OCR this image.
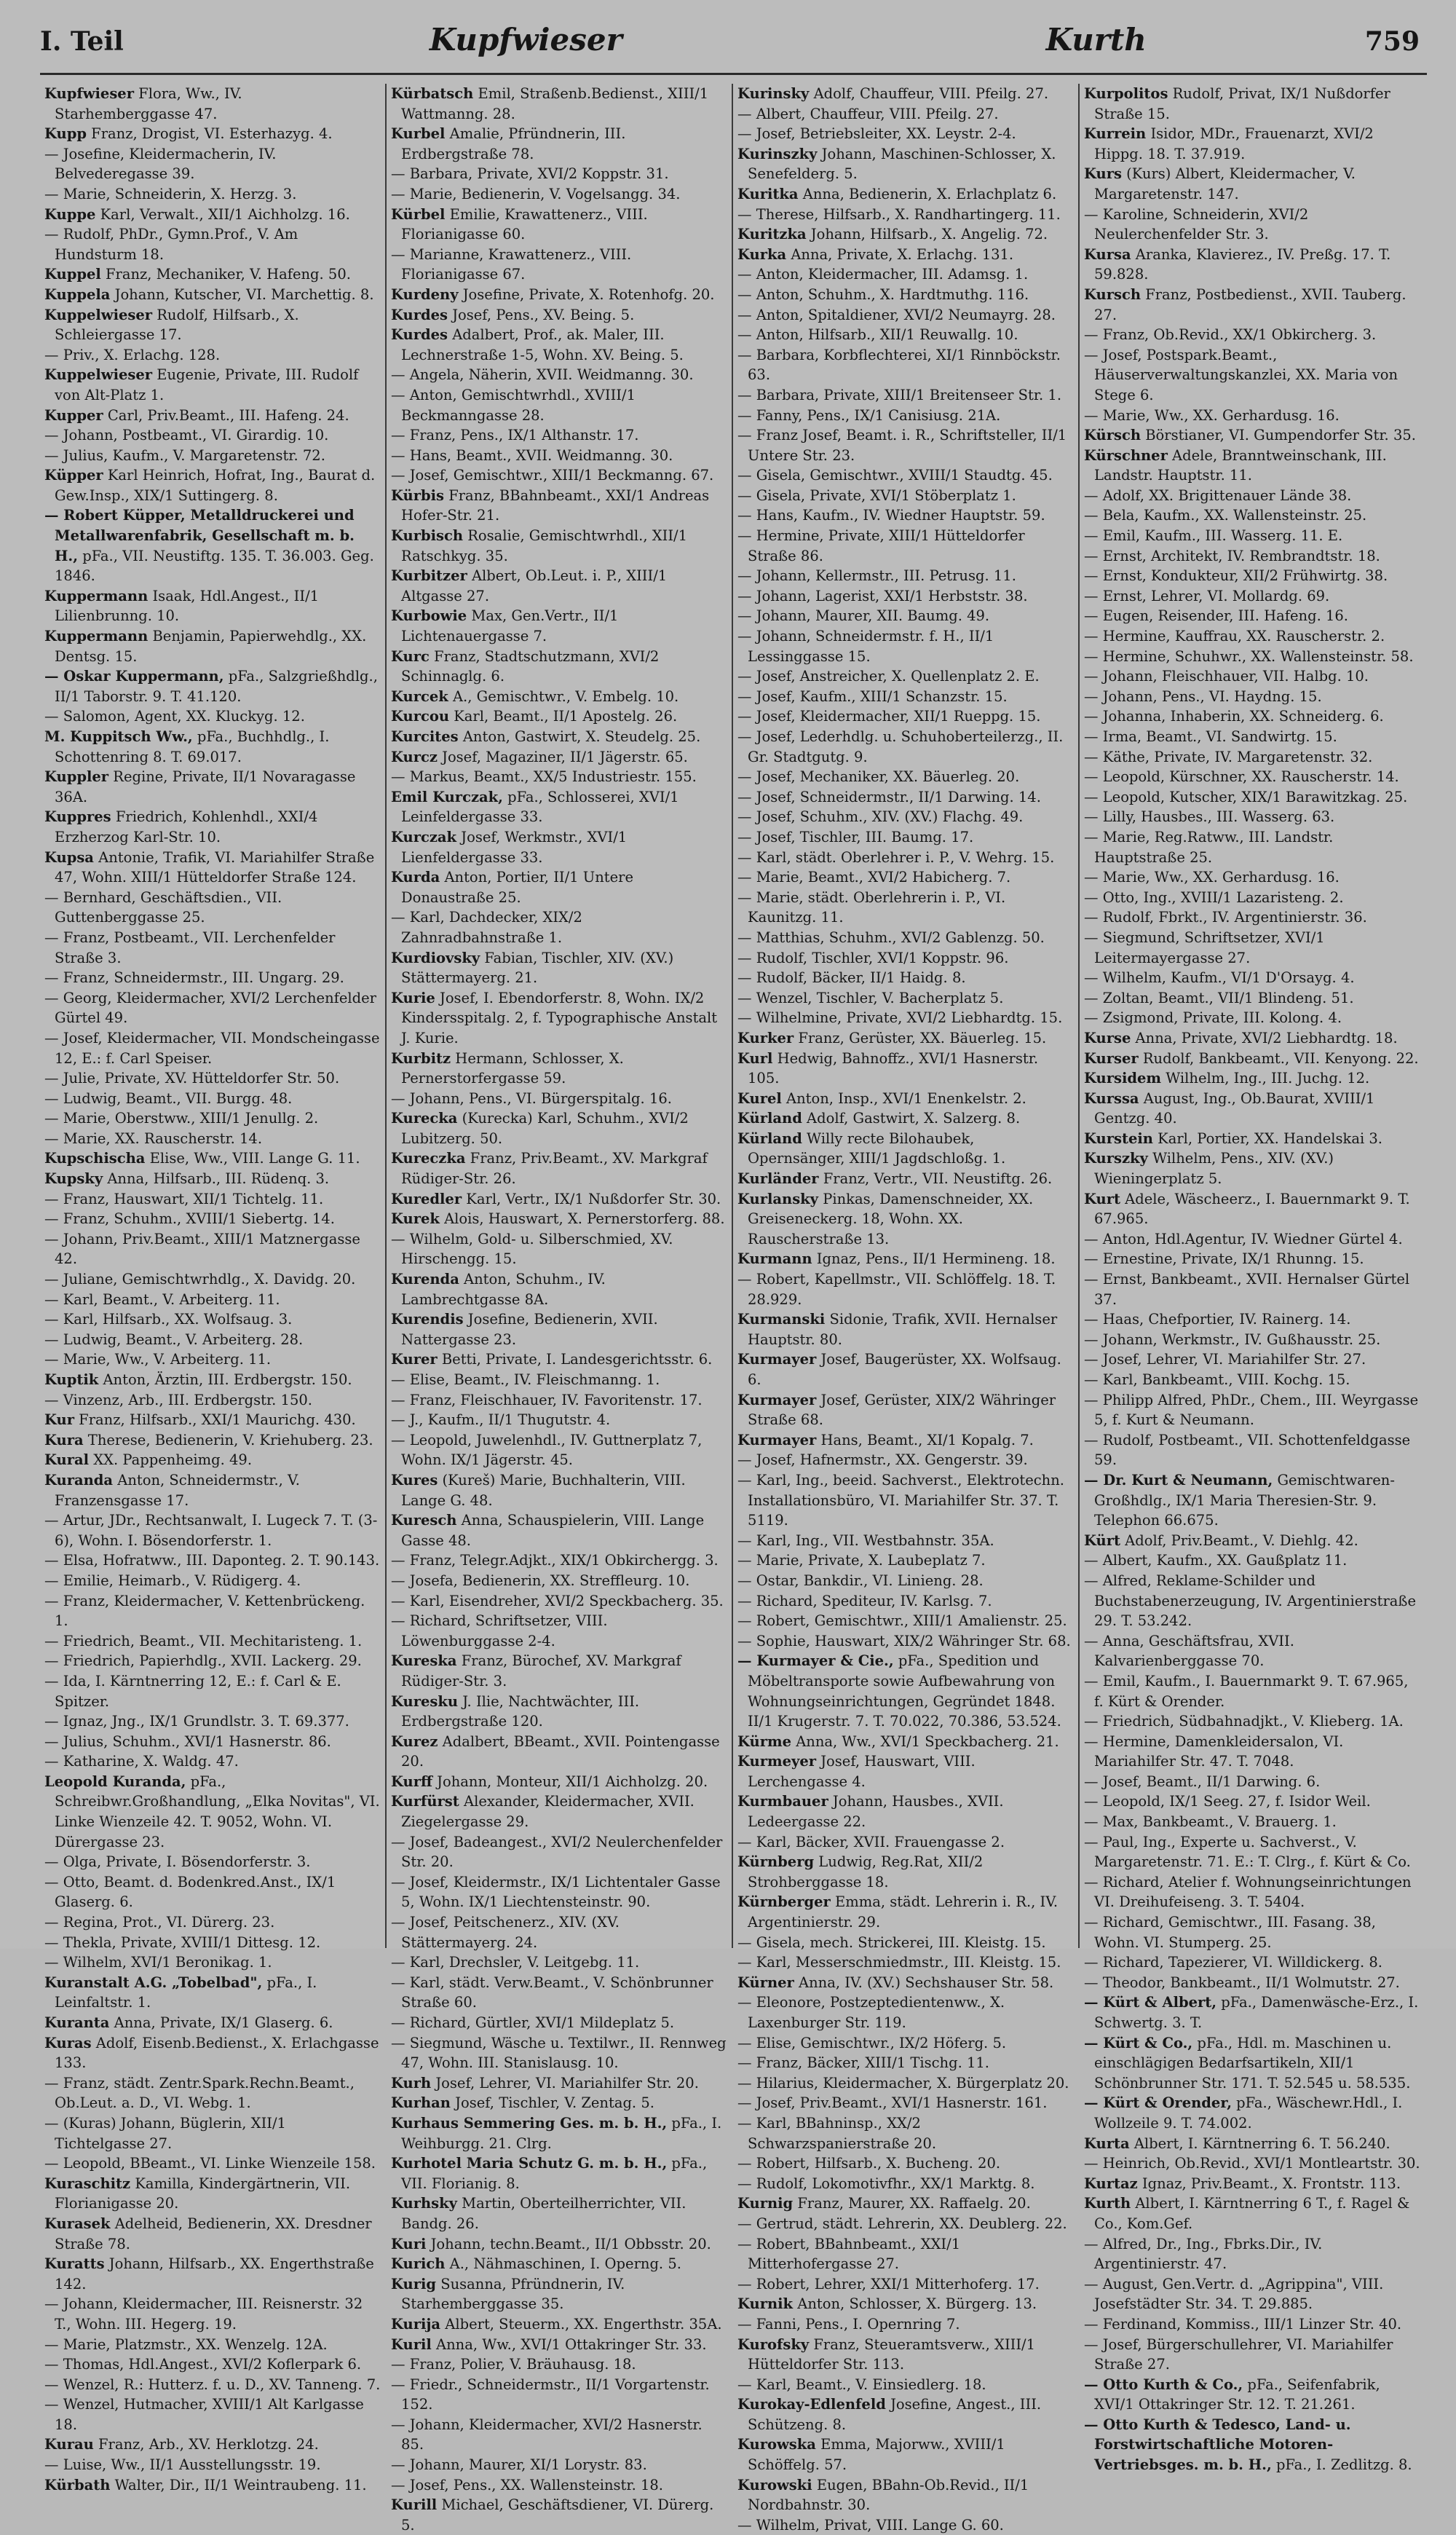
I. Teil	Kupfwieser	Kurth	759
Kupfwieser Flora, Ww., IV. Starhemberggasse 47.
Kupp Franz, Drogist, VI. Esterhazyg. 4.
— Josefine, Kleidermacherin, IV. Belvederegasse 39.
— Marie, Schneiderin, X. Herzg. 3.
Kuppe Karl, Verwalt., XII/1 Aichholzg. 16.
— Rudolf, PhDr., Gymn.Prof., V. Am Hundsturm 18.
Kuppel Franz, Mechaniker, V. Hafeng. 50.
Kuppela Johann, Kutscher, VI. Marchettig. 8.
Kuppelwieser Rudolf, Hilfsarb., X. Schleiergasse 17.
— Priv., X. Erlachg. 128.
Kuppelwieser Eugenie, Private, III. Rudolf von Alt-Platz 1.
Kupper Carl, Priv.Beamt., III. Hafeng. 24.
— Johann, Postbeamt., VI. Girardig. 10.
— Julius, Kaufm., V. Margaretenstr. 72.
Küpper Karl Heinrich, Hofrat, Ing., Baurat d. Gew.Insp., XIX/1 Suttingerg. 8.
— Robert Küpper, Metalldruckerei und Metallwarenfabrik, Gesellschaft m. b. H., pFa., VII. Neustiftg. 135. T. 36.003. Geg. 1846.
Kuppermann Isaak, Hdl.Angest., II/1 Lilienbrunng. 10.
Kuppermann Benjamin, Papierwehdlg., XX. Dentsg. 15.
— Oskar Kuppermann, pFa., Salzgrießhdlg., II/1 Taborstr. 9. T. 41.120.
— Salomon, Agent, XX. Kluckyg. 12.
M. Kuppitsch Ww., pFa., Buchhdlg., I. Schottenring 8. T. 69.017.
Kuppler Regine, Private, II/1 Novaragasse 36A.
Kuppres Friedrich, Kohlenhdl., XXI/4 Erzherzog Karl-Str. 10.
Kupsa Antonie, Trafik, VI. Mariahilfer Straße 47, Wohn. XIII/1 Hütteldorfer Straße 124.
— Bernhard, Geschäftsdien., VII. Guttenberggasse 25.
— Franz, Postbeamt., VII. Lerchenfelder Straße 3.
— Franz, Schneidermstr., III. Ungarg. 29.
— Georg, Kleidermacher, XVI/2 Lerchenfelder Gürtel 49.
— Josef, Kleidermacher, VII. Mondscheingasse 12, E.: f. Carl Speiser.
— Julie, Private, XV. Hütteldorfer Str. 50.
— Ludwig, Beamt., VII. Burgg. 48.
— Marie, Oberstww., XIII/1 Jenullg. 2.
— Marie, XX. Rauscherstr. 14.
Kupschischa Elise, Ww., VIII. Lange G. 11.
Kupsky Anna, Hilfsarb., III. Rüdenq. 3.
— Franz, Hauswart, XII/1 Tichtelg. 11.
— Franz, Schuhm., XVIII/1 Siebertg. 14.
— Johann, Priv.Beamt., XIII/1 Matznergasse 42.
— Juliane, Gemischtwrhdlg., X. Davidg. 20.
— Karl, Beamt., V. Arbeiterg. 11.
— Karl, Hilfsarb., XX. Wolfsaug. 3.
— Ludwig, Beamt., V. Arbeiterg. 28.
— Marie, Ww., V. Arbeiterg. 11.
Kuptik Anton, Ärztin, III. Erdbergstr. 150.
— Vinzenz, Arb., III. Erdbergstr. 150.
Kur Franz, Hilfsarb., XXI/1 Maurichg. 430.
Kura Therese, Bedienerin, V. Kriehuberg. 23.
Kural XX. Pappenheimg. 49.
Kuranda Anton, Schneidermstr., V. Franzensgasse 17.
— Artur, JDr., Rechtsanwalt, I. Lugeck 7. T. (3-6), Wohn. I. Bösendorferstr. 1.
— Elsa, Hofratww., III. Daponteg. 2. T. 90.143.
— Emilie, Heimarb., V. Rüdigerg. 4.
— Franz, Kleidermacher, V. Kettenbrückeng. 1.
— Friedrich, Beamt., VII. Mechitaristeng. 1.
— Friedrich, Papierhdlg., XVII. Lackerg. 29.
— Ida, I. Kärntnerring 12, E.: f. Carl & E. Spitzer.
— Ignaz, Jng., IX/1 Grundlstr. 3. T. 69.377.
— Julius, Schuhm., XVI/1 Hasnerstr. 86.
— Katharine, X. Waldg. 47.
Leopold Kuranda, pFa., Schreibwr.Großhandlung, „Elka Novitas", VI. Linke Wienzeile 42. T. 9052, Wohn. VI. Dürergasse 23.
— Olga, Private, I. Bösendorferstr. 3.
— Otto, Beamt. d. Bodenkred.Anst., IX/1 Glaserg. 6.
— Regina, Prot., VI. Dürerg. 23.
— Thekla, Private, XVIII/1 Dittesg. 12.
— Wilhelm, XVI/1 Beronikag. 1.
Kuranstalt A.G. „Tobelbad", pFa., I. Leinfaltstr. 1.
Kuranta Anna, Private, IX/1 Glaserg. 6.
Kuras Adolf, Eisenb.Bedienst., X. Erlachgasse 133.
— Franz, städt. Zentr.Spark.Rechn.Beamt., Ob.Leut. a. D., VI. Webg. 1.
— (Kuras) Johann, Büglerin, XII/1 Tichtelgasse 27.
— Leopold, BBeamt., VI. Linke Wienzeile 158.
Kuraschitz Kamilla, Kindergärtnerin, VII. Florianigasse 20.
Kurasek Adelheid, Bedienerin, XX. Dresdner Straße 78.
Kuratts Johann, Hilfsarb., XX. Engerthstraße 142.
— Johann, Kleidermacher, III. Reisnerstr. 32 T., Wohn. III. Hegerg. 19.
— Marie, Platzmstr., XX. Wenzelg. 12A.
— Thomas, Hdl.Angest., XVI/2 Koflerpark 6.
— Wenzel, R.: Hutterz. f. u. D., XV. Tanneng. 7.
— Wenzel, Hutmacher, XVIII/1 Alt Karlgasse 18.
Kurau Franz, Arb., XV. Herklotzg. 24.
— Luise, Ww., II/1 Ausstellungsstr. 19.
Kürbath Walter, Dir., II/1 Weintraubeng. 11.
Kürbatsch Emil, Straßenb.Bedienst., XIII/1 Wattmanng. 28.
Kurbel Amalie, Pfründnerin, III. Erdbergstraße 78.
— Barbara, Private, XVI/2 Koppstr. 31.
— Marie, Bedienerin, V. Vogelsangg. 34.
Kürbel Emilie, Krawattenerz., VIII. Florianigasse 60.
— Marianne, Krawattenerz., VIII. Florianigasse 67.
Kurdeny Josefine, Private, X. Rotenhofg. 20.
Kurdes Josef, Pens., XV. Being. 5.
Kurdes Adalbert, Prof., ak. Maler, III. Lechnerstraße 1-5, Wohn. XV. Being. 5.
— Angela, Näherin, XVII. Weidmanng. 30.
— Anton, Gemischtwrhdl., XVIII/1 Beckmanngasse 28.
— Franz, Pens., IX/1 Althanstr. 17.
— Hans, Beamt., XVII. Weidmanng. 30.
— Josef, Gemischtwr., XIII/1 Beckmanng. 67.
Kürbis Franz, BBahnbeamt., XXI/1 Andreas Hofer-Str. 21.
Kurbisch Rosalie, Gemischtwrhdl., XII/1 Ratschkyg. 35.
Kurbitzer Albert, Ob.Leut. i. P., XIII/1 Altgasse 27.
Kurbowie Max, Gen.Vertr., II/1 Lichtenauergasse 7.
Kurc Franz, Stadtschutzmann, XVI/2 Schinnaglg. 6.
Kurcek A., Gemischtwr., V. Embelg. 10.
Kurcou Karl, Beamt., II/1 Apostelg. 26.
Kurcites Anton, Gastwirt, X. Steudelg. 25.
Kurcz Josef, Magaziner, II/1 Jägerstr. 65.
— Markus, Beamt., XX/5 Industriestr. 155.
Emil Kurczak, pFa., Schlosserei, XVI/1 Leinfeldergasse 33.
Kurczak Josef, Werkmstr., XVI/1 Lienfeldergasse 33.
Kurda Anton, Portier, II/1 Untere Donaustraße 25.
— Karl, Dachdecker, XIX/2 Zahnradbahnstraße 1.
Kurdiovsky Fabian, Tischler, XIV. (XV.) Stättermayerg. 21.
Kurie Josef, I. Ebendorferstr. 8, Wohn. IX/2 Kindersspitalg. 2, f. Typographische Anstalt J. Kurie.
Kurbitz Hermann, Schlosser, X. Pernerstorfergasse 59.
— Johann, Pens., VI. Bürgerspitalg. 16.
Kurecka (Kurecka) Karl, Schuhm., XVI/2 Lubitzerg. 50.
Kureczka Franz, Priv.Beamt., XV. Markgraf Rüdiger-Str. 26.
Kuredler Karl, Vertr., IX/1 Nußdorfer Str. 30.
Kurek Alois, Hauswart, X. Pernerstorferg. 88.
— Wilhelm, Gold- u. Silberschmied, XV. Hirschengg. 15.
Kurenda Anton, Schuhm., IV. Lambrechtgasse 8A.
Kurendis Josefine, Bedienerin, XVII. Nattergasse 23.
Kurer Betti, Private, I. Landesgerichtsstr. 6.
— Elise, Beamt., IV. Fleischmanng. 1.
— Franz, Fleischhauer, IV. Favoritenstr. 17.
— J., Kaufm., II/1 Thugutstr. 4.
— Leopold, Juwelenhdl., IV. Guttnerplatz 7, Wohn. IX/1 Jägerstr. 45.
Kures (Kureš) Marie, Buchhalterin, VIII. Lange G. 48.
Kuresch Anna, Schauspielerin, VIII. Lange Gasse 48.
— Franz, Telegr.Adjkt., XIX/1 Obkirchergg. 3.
— Josefa, Bedienerin, XX. Streffleurg. 10.
— Karl, Eisendreher, XVI/2 Speckbacherg. 35.
— Richard, Schriftsetzer, VIII. Löwenburggasse 2-4.
Kureska Franz, Bürochef, XV. Markgraf Rüdiger-Str. 3.
Kuresku J. Ilie, Nachtwächter, III. Erdbergstraße 120.
Kurez Adalbert, BBeamt., XVII. Pointengasse 20.
Kurff Johann, Monteur, XII/1 Aichholzg. 20.
Kurfürst Alexander, Kleidermacher, XVII. Ziegelergasse 29.
— Josef, Badeangest., XVI/2 Neulerchenfelder Str. 20.
— Josef, Kleidermstr., IX/1 Lichtentaler Gasse 5, Wohn. IX/1 Liechtensteinstr. 90.
— Josef, Peitschenerz., XIV. (XV. Stättermayerg. 24.
— Karl, Drechsler, V. Leitgebg. 11.
— Karl, städt. Verw.Beamt., V. Schönbrunner Straße 60.
— Richard, Gürtler, XVI/1 Mildeplatz 5.
— Siegmund, Wäsche u. Textilwr., II. Rennweg 47, Wohn. III. Stanislausg. 10.
Kurh Josef, Lehrer, VI. Mariahilfer Str. 20.
Kurhan Josef, Tischler, V. Zentag. 5.
Kurhaus Semmering Ges. m. b. H., pFa., I. Weihburgg. 21. Clrg.
Kurhotel Maria Schutz G. m. b. H., pFa., VII. Florianig. 8.
Kurhsky Martin, Oberteilherrichter, VII. Bandg. 26.
Kuri Johann, techn.Beamt., II/1 Obbsstr. 20.
Kurich A., Nähmaschinen, I. Operng. 5.
Kurig Susanna, Pfründnerin, IV. Starhemberggasse 35.
Kurija Albert, Steuerm., XX. Engerthstr. 35A.
Kuril Anna, Ww., XVI/1 Ottakringer Str. 33.
— Franz, Polier, V. Bräuhausg. 18.
— Friedr., Schneidermstr., II/1 Vorgartenstr. 152.
— Johann, Kleidermacher, XVI/2 Hasnerstr. 85.
— Johann, Maurer, XI/1 Lorystr. 83.
— Josef, Pens., XX. Wallensteinstr. 18.
Kurill Michael, Geschäftsdiener, VI. Dürerg. 5.
Kurinsky Adolf, Chauffeur, VIII. Pfeilg. 27.
— Albert, Chauffeur, VIII. Pfeilg. 27.
— Josef, Betriebsleiter, XX. Leystr. 2-4.
Kurinszky Johann, Maschinen-Schlosser, X. Senefelderg. 5.
Kuritka Anna, Bedienerin, X. Erlachplatz 6.
— Therese, Hilfsarb., X. Randhartingerg. 11.
Kuritzka Johann, Hilfsarb., X. Angelig. 72.
Kurka Anna, Private, X. Erlachg. 131.
— Anton, Kleidermacher, III. Adamsg. 1.
— Anton, Schuhm., X. Hardtmuthg. 116.
— Anton, Spitaldiener, XVI/2 Neumayrg. 28.
— Anton, Hilfsarb., XII/1 Reuwallg. 10.
— Barbara, Korbflechterei, XI/1 Rinnböckstr. 63.
— Barbara, Private, XIII/1 Breitenseer Str. 1.
— Fanny, Pens., IX/1 Canisiusg. 21A.
— Franz Josef, Beamt. i. R., Schriftsteller, II/1 Untere Str. 23.
— Gisela, Gemischtwr., XVIII/1 Staudtg. 45.
— Gisela, Private, XVI/1 Stöberplatz 1.
— Hans, Kaufm., IV. Wiedner Hauptstr. 59.
— Hermine, Private, XIII/1 Hütteldorfer Straße 86.
— Johann, Kellermstr., III. Petrusg. 11.
— Johann, Lagerist, XXI/1 Herbststr. 38.
— Johann, Maurer, XII. Baumg. 49.
— Johann, Schneidermstr. f. H., II/1 Lessinggasse 15.
— Josef, Anstreicher, X. Quellenplatz 2. E.
— Josef, Kaufm., XIII/1 Schanzstr. 15.
— Josef, Kleidermacher, XII/1 Rueppg. 15.
— Josef, Lederhdlg. u. Schuhoberteilerzg., II. Gr. Stadtgutg. 9.
— Josef, Mechaniker, XX. Bäuerleg. 20.
— Josef, Schneidermstr., II/1 Darwing. 14.
— Josef, Schuhm., XIV. (XV.) Flachg. 49.
— Josef, Tischler, III. Baumg. 17.
— Karl, städt. Oberlehrer i. P., V. Wehrg. 15.
— Marie, Beamt., XVI/2 Habicherg. 7.
— Marie, städt. Oberlehrerin i. P., VI. Kaunitzg. 11.
— Matthias, Schuhm., XVI/2 Gablenzg. 50.
— Rudolf, Tischler, XVI/1 Koppstr. 96.
— Rudolf, Bäcker, II/1 Haidg. 8.
— Wenzel, Tischler, V. Bacherplatz 5.
— Wilhelmine, Private, XVI/2 Liebhardtg. 15.
Kurker Franz, Gerüster, XX. Bäuerleg. 15.
Kurl Hedwig, Bahnoffz., XVI/1 Hasnerstr. 105.
Kurel Anton, Insp., XVI/1 Enenkelstr. 2.
Kürland Adolf, Gastwirt, X. Salzerg. 8.
Kürland Willy recte Bilohaubek, Opernsänger, XIII/1 Jagdschloßg. 1.
Kurländer Franz, Vertr., VII. Neustiftg. 26.
Kurlansky Pinkas, Damenschneider, XX. Greiseneckerg. 18, Wohn. XX. Rauscherstraße 13.
Kurmann Ignaz, Pens., II/1 Hermineng. 18.
— Robert, Kapellmstr., VII. Schlöffelg. 18. T. 28.929.
Kurmanski Sidonie, Trafik, XVII. Hernalser Hauptstr. 80.
Kurmayer Josef, Baugerüster, XX. Wolfsaug. 6.
Kurmayer Josef, Gerüster, XIX/2 Währinger Straße 68.
Kurmayer Hans, Beamt., XI/1 Kopalg. 7.
— Josef, Hafnermstr., XX. Gengerstr. 39.
— Karl, Ing., beeid. Sachverst., Elektrotechn. Installationsbüro, VI. Mariahilfer Str. 37. T. 5119.
— Karl, Ing., VII. Westbahnstr. 35A.
— Marie, Private, X. Laubeplatz 7.
— Ostar, Bankdir., VI. Linieng. 28.
— Richard, Spediteur, IV. Karlsg. 7.
— Robert, Gemischtwr., XIII/1 Amalienstr. 25.
— Sophie, Hauswart, XIX/2 Währinger Str. 68.
— Kurmayer & Cie., pFa., Spedition und Möbeltransporte sowie Aufbewahrung von Wohnungseinrichtungen, Gegründet 1848. II/1 Krugerstr. 7. T. 70.022, 70.386, 53.524.
Kürme Anna, Ww., XVI/1 Speckbacherg. 21.
Kurmeyer Josef, Hauswart, VIII. Lerchengasse 4.
Kurmbauer Johann, Hausbes., XVII. Ledeergasse 22.
— Karl, Bäcker, XVII. Frauengasse 2.
Kürnberg Ludwig, Reg.Rat, XII/2 Strohberggasse 18.
Kürnberger Emma, städt. Lehrerin i. R., IV. Argentinierstr. 29.
— Gisela, mech. Strickerei, III. Kleistg. 15.
— Karl, Messerschmiedmstr., III. Kleistg. 15.
Kürner Anna, IV. (XV.) Sechshauser Str. 58.
— Eleonore, Postzeptedientenww., X. Laxenburger Str. 119.
— Elise, Gemischtwr., IX/2 Höferg. 5.
— Franz, Bäcker, XIII/1 Tischg. 11.
— Hilarius, Kleidermacher, X. Bürgerplatz 20.
— Josef, Priv.Beamt., XVI/1 Hasnerstr. 161.
— Karl, BBahninsp., XX/2 Schwarzspanierstraße 20.
— Robert, Hilfsarb., X. Bucheng. 20.
— Rudolf, Lokomotivfhr., XX/1 Marktg. 8.
Kurnig Franz, Maurer, XX. Raffaelg. 20.
— Gertrud, städt. Lehrerin, XX. Deublerg. 22.
— Robert, BBahnbeamt., XXI/1 Mitterhofergasse 27.
— Robert, Lehrer, XXI/1 Mitterhoferg. 17.
Kurnik Anton, Schlosser, X. Bürgerg. 13.
— Fanni, Pens., I. Opernring 7.
Kurofsky Franz, Steueramtsverw., XIII/1 Hütteldorfer Str. 113.
— Karl, Beamt., V. Einsiedlerg. 18.
Kurokay-Edlenfeld Josefine, Angest., III. Schützeng. 8.
Kurowska Emma, Majorww., XVIII/1 Schöffelg. 57.
Kurowski Eugen, BBahn-Ob.Revid., II/1 Nordbahnstr. 30.
— Wilhelm, Privat, VIII. Lange G. 60.
Kurpolitos Rudolf, Privat, IX/1 Nußdorfer Straße 15.
Kurrein Isidor, MDr., Frauenarzt, XVI/2 Hippg. 18. T. 37.919.
Kurs (Kurs) Albert, Kleidermacher, V. Margaretenstr. 147.
— Karoline, Schneiderin, XVI/2 Neulerchenfelder Str. 3.
Kursa Aranka, Klavierez., IV. Preßg. 17. T. 59.828.
Kursch Franz, Postbedienst., XVII. Tauberg. 27.
— Franz, Ob.Revid., XX/1 Obkircherg. 3.
— Josef, Postspark.Beamt., Häuserverwaltungskanzlei, XX. Maria von Stege 6.
— Marie, Ww., XX. Gerhardusg. 16.
Kürsch Börstianer, VI. Gumpendorfer Str. 35.
Kürschner Adele, Branntweinschank, III. Landstr. Hauptstr. 11.
— Adolf, XX. Brigittenauer Lände 38.
— Bela, Kaufm., XX. Wallensteinstr. 25.
— Emil, Kaufm., III. Wasserg. 11. E.
— Ernst, Architekt, IV. Rembrandtstr. 18.
— Ernst, Kondukteur, XII/2 Frühwirtg. 38.
— Ernst, Lehrer, VI. Mollardg. 69.
— Eugen, Reisender, III. Hafeng. 16.
— Hermine, Kauffrau, XX. Rauscherstr. 2.
— Hermine, Schuhwr., XX. Wallensteinstr. 58.
— Johann, Fleischhauer, VII. Halbg. 10.
— Johann, Pens., VI. Haydng. 15.
— Johanna, Inhaberin, XX. Schneiderg. 6.
— Irma, Beamt., VI. Sandwirtg. 15.
— Käthe, Private, IV. Margaretenstr. 32.
— Leopold, Kürschner, XX. Rauscherstr. 14.
— Leopold, Kutscher, XIX/1 Barawitzkag. 25.
— Lilly, Hausbes., III. Wasserg. 63.
— Marie, Reg.Ratww., III. Landstr. Hauptstraße 25.
— Marie, Ww., XX. Gerhardusg. 16.
— Otto, Ing., XVIII/1 Lazaristeng. 2.
— Rudolf, Fbrkt., IV. Argentinierstr. 36.
— Siegmund, Schriftsetzer, XVI/1 Leitermayergasse 27.
— Wilhelm, Kaufm., VI/1 D'Orsayg. 4.
— Zoltan, Beamt., VII/1 Blindeng. 51.
— Zsigmond, Private, III. Kolong. 4.
Kurse Anna, Private, XVI/2 Liebhardtg. 18.
Kurser Rudolf, Bankbeamt., VII. Kenyong. 22.
Kursidem Wilhelm, Ing., III. Juchg. 12.
Kurssa August, Ing., Ob.Baurat, XVIII/1 Gentzg. 40.
Kurstein Karl, Portier, XX. Handelskai 3.
Kurszky Wilhelm, Pens., XIV. (XV.) Wieningerplatz 5.
Kurt Adele, Wäscheerz., I. Bauernmarkt 9. T. 67.965.
— Anton, Hdl.Agentur, IV. Wiedner Gürtel 4.
— Ernestine, Private, IX/1 Rhunng. 15.
— Ernst, Bankbeamt., XVII. Hernalser Gürtel 37.
— Haas, Chefportier, IV. Rainerg. 14.
— Johann, Werkmstr., IV. Gußhausstr. 25.
— Josef, Lehrer, VI. Mariahilfer Str. 27.
— Karl, Bankbeamt., VIII. Kochg. 15.
— Philipp Alfred, PhDr., Chem., III. Weyrgasse 5, f. Kurt & Neumann.
— Rudolf, Postbeamt., VII. Schottenfeldgasse 59.
— Dr. Kurt & Neumann, Gemischtwaren-Großhdlg., IX/1 Maria Theresien-Str. 9. Telephon 66.675.
Kürt Adolf, Priv.Beamt., V. Diehlg. 42.
— Albert, Kaufm., XX. Gaußplatz 11.
— Alfred, Reklame-Schilder und Buchstabenerzeugung, IV. Argentinierstraße 29. T. 53.242.
— Anna, Geschäftsfrau, XVII. Kalvarienberggasse 70.
— Emil, Kaufm., I. Bauernmarkt 9. T. 67.965, f. Kürt & Orender.
— Friedrich, Südbahnadjkt., V. Klieberg. 1A.
— Hermine, Damenkleidersalon, VI. Mariahilfer Str. 47. T. 7048.
— Josef, Beamt., II/1 Darwing. 6.
— Leopold, IX/1 Seeg. 27, f. Isidor Weil.
— Max, Bankbeamt., V. Brauerg. 1.
— Paul, Ing., Experte u. Sachverst., V. Margaretenstr. 71. E.: T. Clrg., f. Kürt & Co.
— Richard, Atelier f. Wohnungseinrichtungen VI. Dreihufeiseng. 3. T. 5404.
— Richard, Gemischtwr., III. Fasang. 38, Wohn. VI. Stumperg. 25.
— Richard, Tapezierer, VI. Willdickerg. 8.
— Theodor, Bankbeamt., II/1 Wolmutstr. 27.
— Kürt & Albert, pFa., Damenwäsche-Erz., I. Schwertg. 3. T.
— Kürt & Co., pFa., Hdl. m. Maschinen u. einschlägigen Bedarfsartikeln, XII/1 Schönbrunner Str. 171. T. 52.545 u. 58.535.
— Kürt & Orender, pFa., Wäschewr.Hdl., I. Wollzeile 9. T. 74.002.
Kurta Albert, I. Kärntnerring 6. T. 56.240.
— Heinrich, Ob.Revid., XVI/1 Montleartstr. 30.
Kurtaz Ignaz, Priv.Beamt., X. Frontstr. 113.
Kurth Albert, I. Kärntnerring 6 T., f. Ragel & Co., Kom.Gef.
— Alfred, Dr., Ing., Fbrks.Dir., IV. Argentinierstr. 47.
— August, Gen.Vertr. d. „Agrippina", VIII. Josefstädter Str. 34. T. 29.885.
— Ferdinand, Kommiss., III/1 Linzer Str. 40.
— Josef, Bürgerschullehrer, VI. Mariahilfer Straße 27.
— Otto Kurth & Co., pFa., Seifenfabrik, XVI/1 Ottakringer Str. 12. T. 21.261.
— Otto Kurth & Tedesco, Land- u. Forstwirtschaftliche Motoren-Vertriebsges. m. b. H., pFa., I. Zedlitzg. 8.
